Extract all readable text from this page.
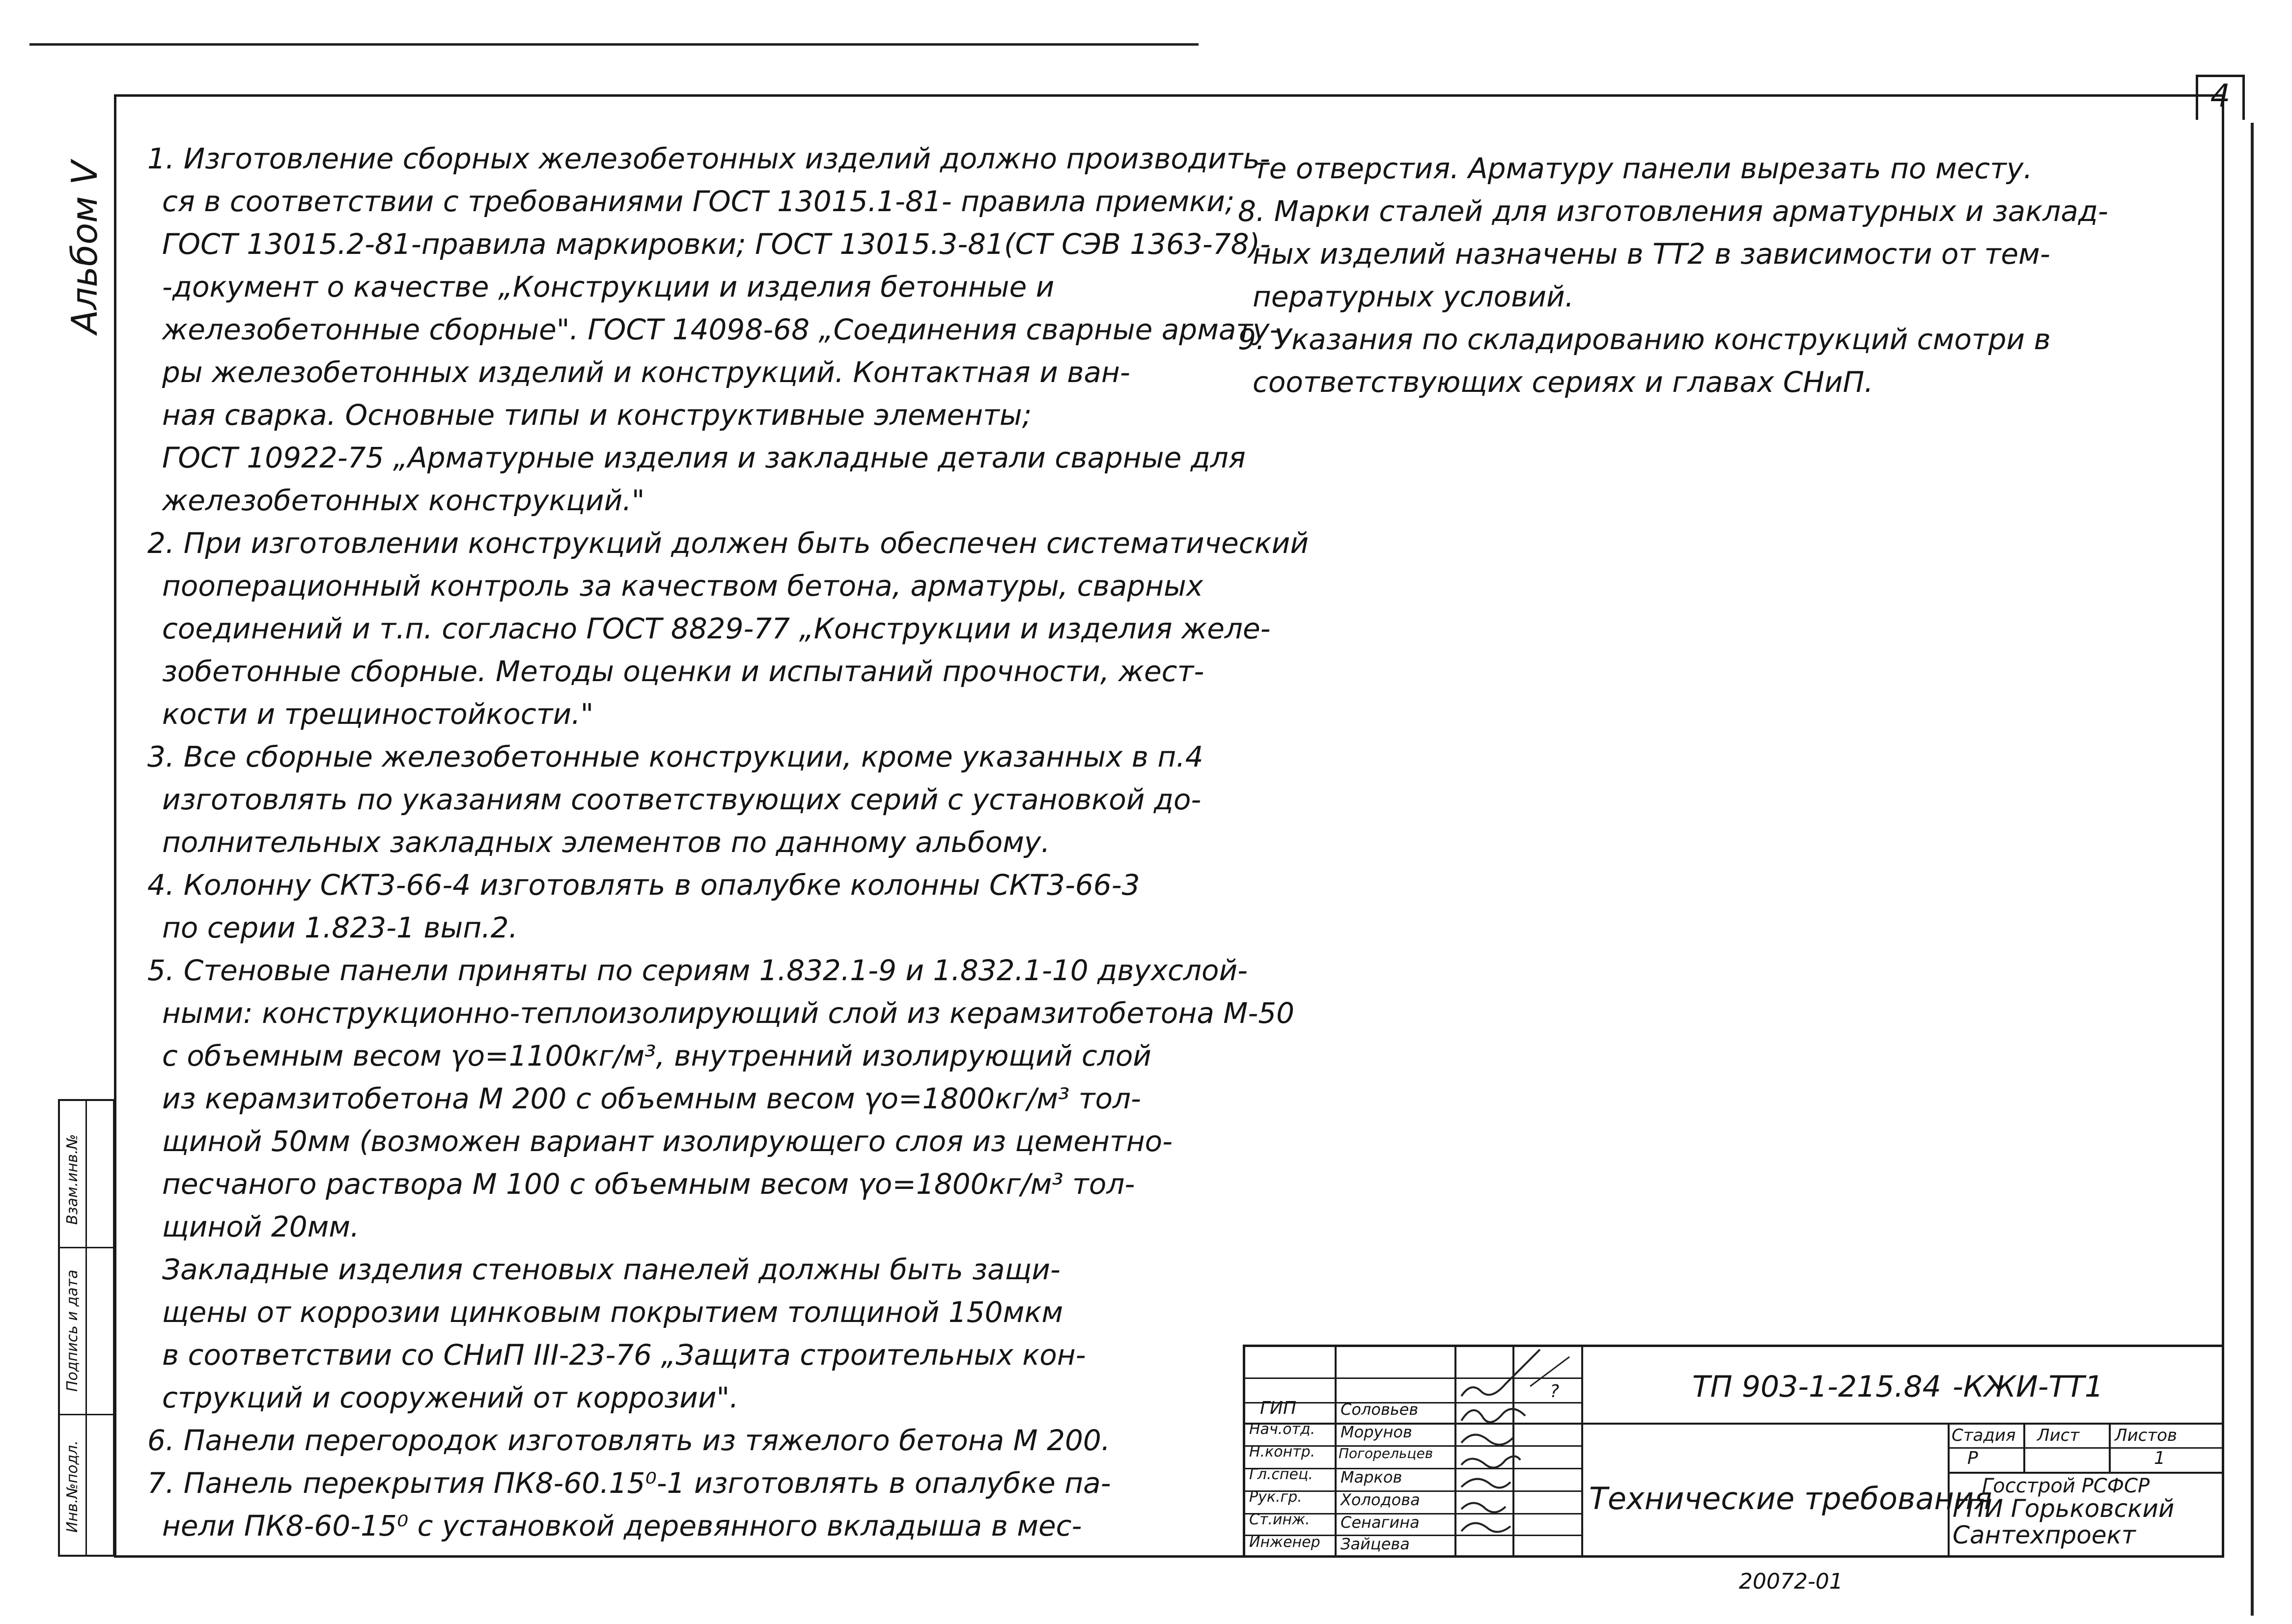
4
Альбом V
Взам.инв.№
Подпись и дата
Инв.№подл.

1. Изготовление сборных железобетонных изделий должно производить-

ся в соответствии с требованиями ГОСТ 13015.1-81- правила приемки;

ГОСТ 13015.2-81-правила маркировки; ГОСТ 13015.3-81(СТ СЭВ 1363-78)-

-документ о качестве „Конструкции и изделия бетонные и

железобетонные сборные". ГОСТ 14098-68 „Соединения сварные армату-

ры железобетонных изделий и конструкций. Контактная и ван-

ная сварка. Основные типы и конструктивные элементы;

ГОСТ 10922-75 „Арматурные изделия и закладные детали сварные для

железобетонных конструкций."

2. При изготовлении конструкций должен быть обеспечен систематический

пооперационный контроль за качеством бетона, арматуры, сварных

соединений и т.п. согласно ГОСТ 8829-77 „Конструкции и изделия желе-

зобетонные сборные. Методы оценки и испытаний прочности, жест-

кости и трещиностойкости."

3. Все сборные железобетонные конструкции, кроме указанных в п.4

изготовлять по указаниям соответствующих серий с установкой до-

полнительных закладных элементов по данному альбому.

4. Колонну СКТ3-66-4 изготовлять в опалубке колонны СКТ3-66-3

по серии 1.823-1 вып.2.

5. Стеновые панели приняты по сериям 1.832.1-9 и 1.832.1-10 двухслой-

ными: конструкционно-теплоизолирующий слой из керамзитобетона М-50

с объемным весом γо=1100кг/м³, внутренний изолирующий слой

из керамзитобетона М 200 с объемным весом γо=1800кг/м³ тол-

щиной 50мм (возможен вариант изолирующего слоя из цементно-

песчаного раствора М 100 с объемным весом γо=1800кг/м³ тол-

щиной 20мм.

Закладные изделия стеновых панелей должны быть защи-

щены от коррозии цинковым покрытием толщиной 150мкм

в соответствии со СНиП III-23-76 „Защита строительных кон-

струкций и сооружений от коррозии".

6. Панели перегородок изготовлять из тяжелого бетона М 200.

7. Панель перекрытия ПК8-60.15⁰-1 изготовлять в опалубке па-

нели ПК8-60-15⁰ с установкой деревянного вкладыша в мес-

те отверстия. Арматуру панели вырезать по месту.

8. Марки сталей для изготовления арматурных и заклад-

ных изделий назначены в ТТ2 в зависимости от тем-

пературных условий.

9. Указания по складированию конструкций смотри в

соответствующих сериях и главах СНиП.

ГИП
Нач.отд.
Н.контр.
Гл.спец.
Рук.гр.
Ст.инж.
Инженер
Соловьев
Морунов
Погорельцев
Марков
Холодова
Сенагина
Зайцева
?	ТП 903-1-215.84 -КЖИ-ТТ1
Технические требования
Стадия Лист Листов
Р	1
Госстрой РСФСР
ГПИ Горьковский
Сантехпроект
20072-01
